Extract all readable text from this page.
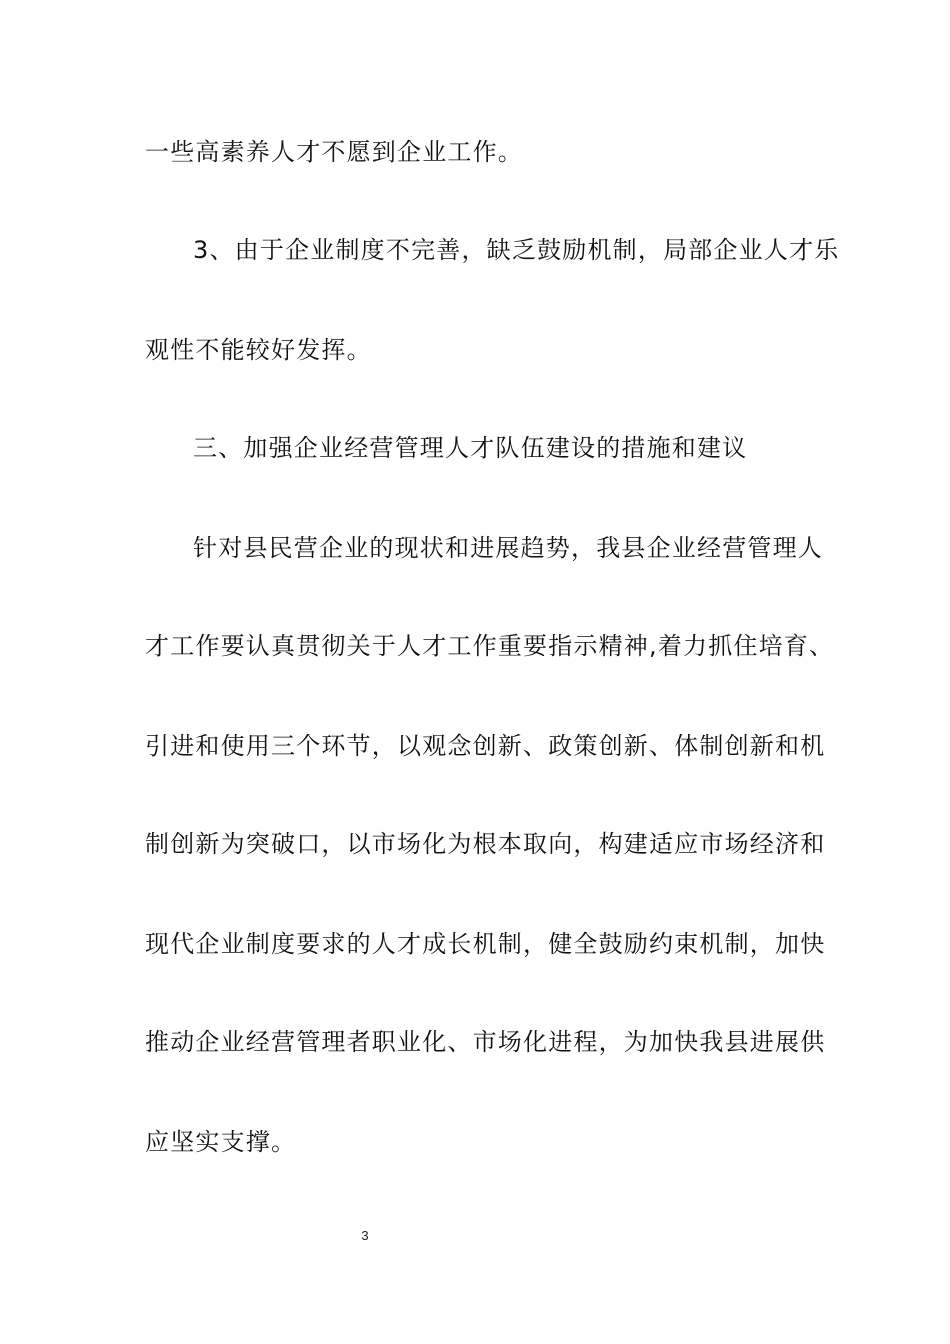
一些高素养人才不愿到企业工作。
3、由于企业制度不完善，缺乏鼓励机制，局部企业人才乐
观性不能较好发挥。
三、加强企业经营管理人才队伍建设的措施和建议
针对县民营企业的现状和进展趋势，我县企业经营管理人
才工作要认真贯彻关于人才工作重要指示精神,着力抓住培育、
引进和使用三个环节，以观念创新、政策创新、体制创新和机
制创新为突破口，以市场化为根本取向，构建适应市场经济和
现代企业制度要求的人才成长机制，健全鼓励约束机制，加快
推动企业经营管理者职业化、市场化进程，为加快我县进展供
应坚实支撑。
3
